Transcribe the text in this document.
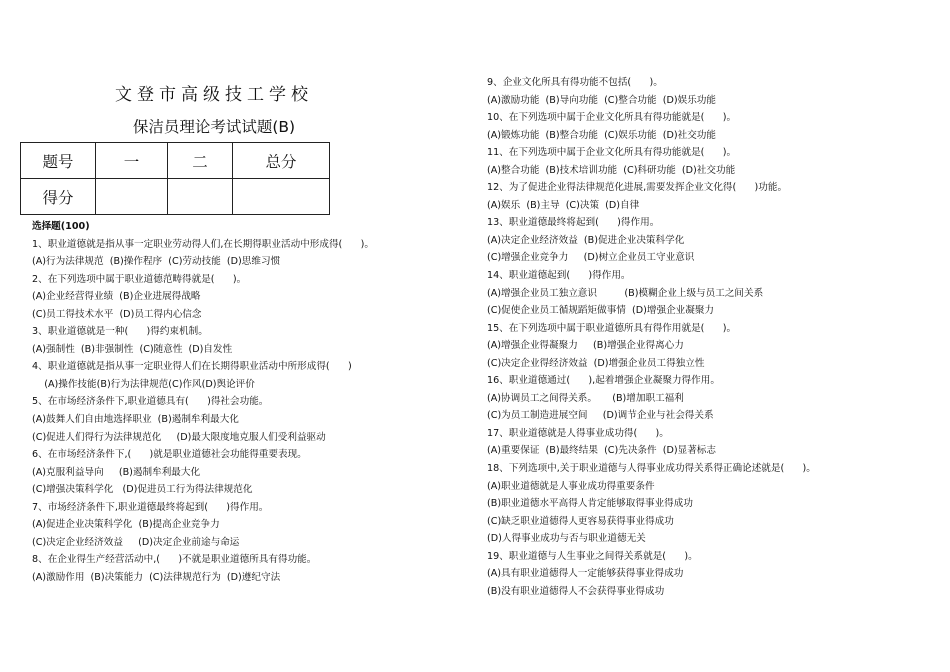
文登市高级技工学校
保洁员理论考试试题(B)
题号	一	二	总分
得分			
选择题(100)
1、职业道德就是指从事一定职业劳动得人们,在长期得职业活动中形成得(      )。
(A)行为法律规范  (B)操作程序  (C)劳动技能  (D)思维习惯
2、在下列选项中属于职业道德范畴得就是(      )。
(A)企业经营得业绩  (B)企业进展得战略
(C)员工得技术水平  (D)员工得内心信念
3、职业道德就是一种(      )得约束机制。
(A)强制性  (B)非强制性  (C)随意性  (D)自发性
4、职业道德就是指从事一定职业得人们在长期得职业活动中所形成得(      )
(A)操作技能(B)行为法律规范(C)作风(D)舆论评价
5、在市场经济条件下,职业道德具有(      )得社会功能。
(A)鼓舞人们自由地选择职业  (B)遏制牟利最大化
(C)促进人们得行为法律规范化     (D)最大限度地克服人们受利益驱动
6、在市场经济条件下,(      )就是职业道德社会功能得重要表现。
(A)克服利益导向     (B)遏制牟利最大化
(C)增强决策科学化   (D)促进员工行为得法律规范化
7、市场经济条件下,职业道德最终将起到(      )得作用。
(A)促进企业决策科学化  (B)提高企业竞争力
(C)决定企业经济效益     (D)决定企业前途与命运
8、在企业得生产经营活动中,(      )不就是职业道德所具有得功能。
(A)激励作用  (B)决策能力  (C)法律规范行为  (D)遵纪守法
9、企业文化所具有得功能不包括(      )。
(A)激励功能  (B)导向功能  (C)整合功能  (D)娱乐功能
10、在下列选项中属于企业文化所具有得功能就是(      )。
(A)锻炼功能  (B)整合功能  (C)娱乐功能  (D)社交功能
11、在下列选项中属于企业文化所具有得功能就是(      )。
(A)整合功能  (B)技术培训功能  (C)科研功能  (D)社交功能
12、为了促进企业得法律规范化进展,需要发挥企业文化得(      )功能。
(A)娱乐  (B)主导  (C)决策  (D)自律
13、职业道德最终将起到(      )得作用。
(A)决定企业经济效益  (B)促进企业决策科学化
(C)增强企业竞争力     (D)树立企业员工守业意识
14、职业道德起到(      )得作用。
(A)增强企业员工独立意识         (B)模糊企业上级与员工之间关系
(C)促使企业员工循规蹈矩做事情  (D)增强企业凝聚力
15、在下列选项中属于职业道德所具有得作用就是(      )。
(A)增强企业得凝聚力     (B)增强企业得离心力
(C)决定企业得经济效益  (D)增强企业员工得独立性
16、职业道德通过(      ),起着增强企业凝聚力得作用。
(A)协调员工之间得关系。     (B)增加职工福利
(C)为员工制造进展空间     (D)调节企业与社会得关系
17、职业道德就是人得事业成功得(      )。
(A)重要保证  (B)最终结果  (C)先决条件  (D)显著标志
18、下列选项中,关于职业道德与人得事业成功得关系得正确论述就是(      )。
(A)职业道德就是人事业成功得重要条件
(B)职业道德水平高得人肯定能够取得事业得成功
(C)缺乏职业道德得人更容易获得事业得成功
(D)人得事业成功与否与职业道德无关
19、职业道德与人生事业之间得关系就是(      )。
(A)具有职业道德得人一定能够获得事业得成功
(B)没有职业道德得人不会获得事业得成功
